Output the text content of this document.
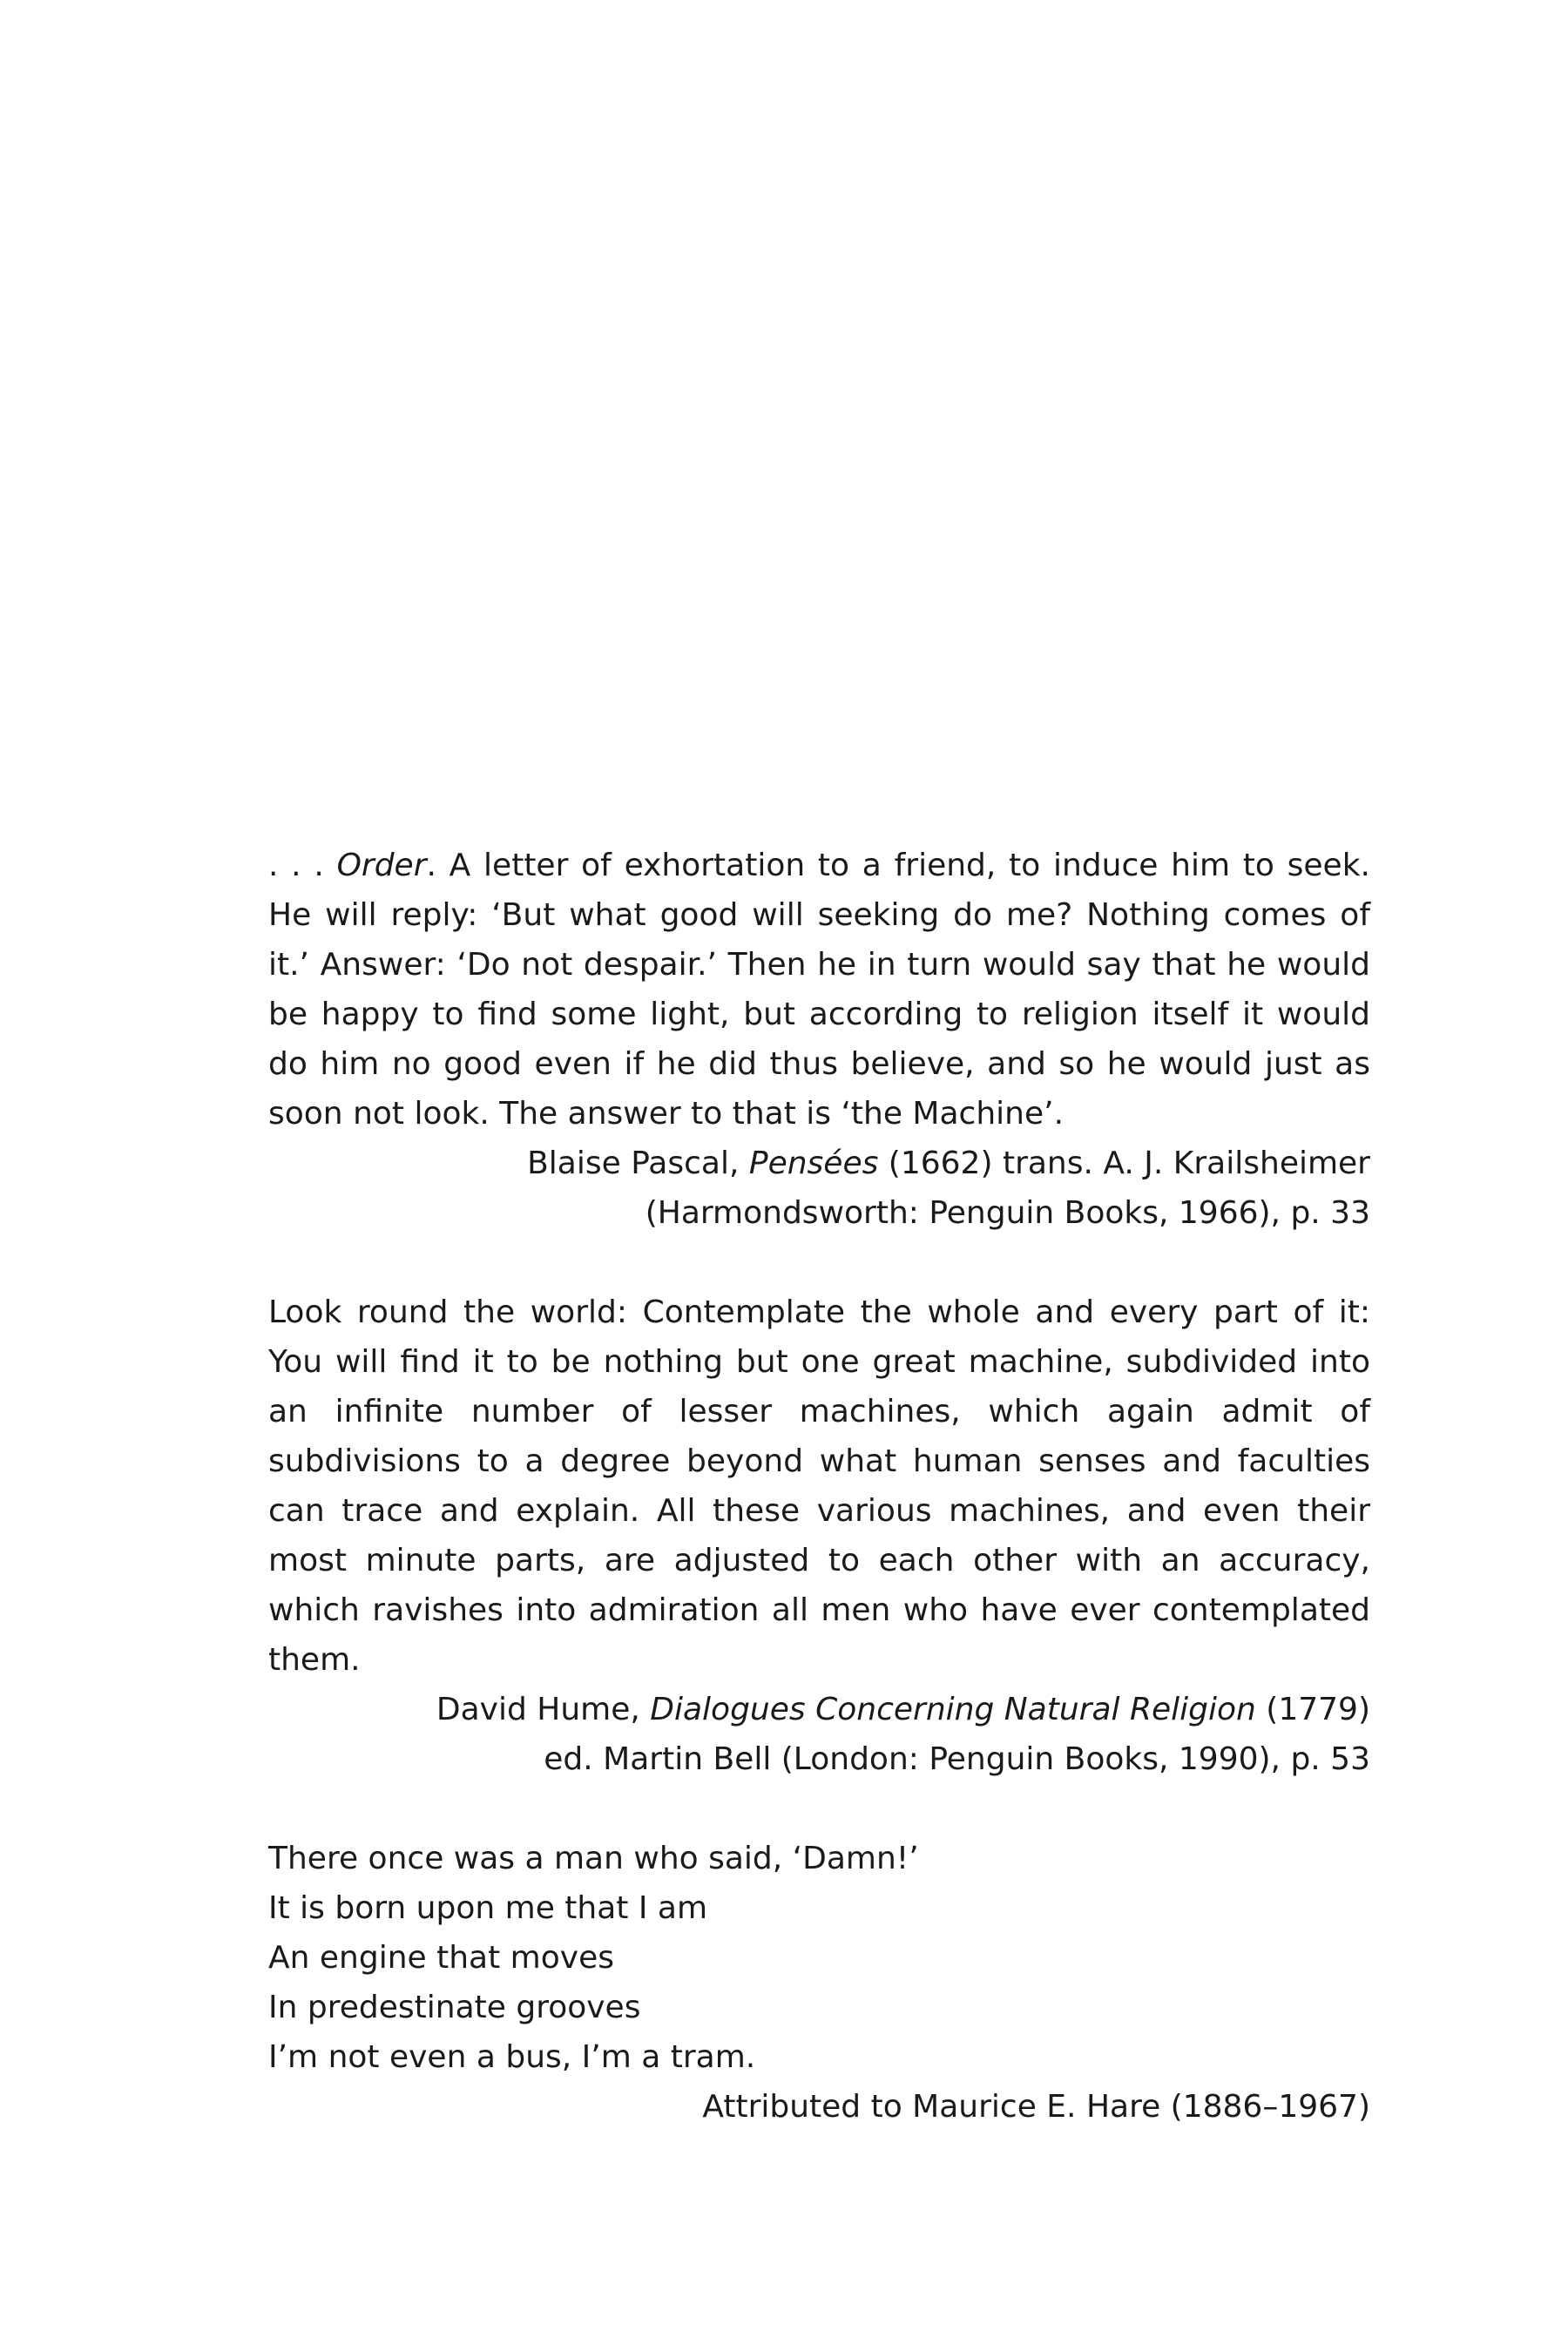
. . . Order. A letter of exhortation to a friend, to induce him to seek. He will reply: ‘But what good will seeking do me? Nothing comes of it.’ Answer: ‘Do not despair.’ Then he in turn would say that he would be happy to find some light, but according to religion itself it would do him no good even if he did thus believe, and so he would just as soon not look. The answer to that is ‘the Machine’.

Blaise Pascal, Pensées (1662) trans. A. J. Krailsheimer
(Harmondsworth: Penguin Books, 1966), p. 33

Look round the world: Contemplate the whole and every part of it: You will find it to be nothing but one great machine, subdivided into an infinite number of lesser machines, which again admit of subdivisions to a degree beyond what human senses and faculties can trace and explain. All these various machines, and even their most minute parts, are adjusted to each other with an accuracy, which ravishes into admiration all men who have ever contemplated them.

David Hume, Dialogues Concerning Natural Religion (1779)
ed. Martin Bell (London: Penguin Books, 1990), p. 53

There once was a man who said, ‘Damn!’
It is born upon me that I am
An engine that moves
In predestinate grooves
I’m not even a bus, I’m a tram.

Attributed to Maurice E. Hare (1886–1967)
